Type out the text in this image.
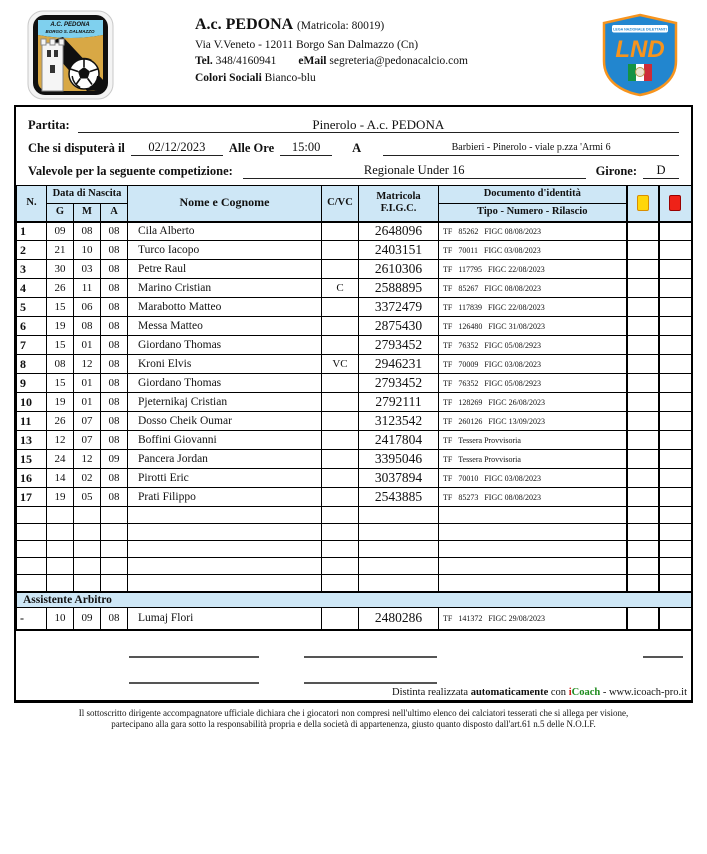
A.C. PEDONA
BORGO S. DALMAZZO	A.c. PEDONA (Matricola: 80019)
Via V.Veneto - 12011 Borgo San Dalmazzo (Cn)
Tel. 348/4160941 eMail segreteria@pedonacalcio.com
Colori Sociali Bianco-blu
LEGA NAZIONALE DILETTANTI
LND
Partita:	Pinerolo - A.c. PEDONA
Che si disputerà il	02/12/2023	Alle Ore	15:00	A	Barbieri - Pinerolo - viale p.zza 'Armi 6
Valevole per la seguente competizione:	Regionale Under 16	Girone:	D
N.	Data di Nascita			Nome e Cognome	C/VC	Matricola
F.I.G.C.	Documento d'identità		
	G	M	A				Tipo - Numero - Rilascio		
1	09	08	08	Cila Alberto		2648096	TF   85262   FIGC 08/08/2023		
2	21	10	08	Turco Iacopo		2403151	TF   70011   FIGC 03/08/2023		
3	30	03	08	Petre Raul		2610306	TF   117795   FIGC 22/08/2023		
4	26	11	08	Marino Cristian	C	2588895	TF   85267   FIGC 08/08/2023		
5	15	06	08	Marabotto Matteo		3372479	TF   117839   FIGC 22/08/2023		
6	19	08	08	Messa Matteo		2875430	TF   126480   FIGC 31/08/2023		
7	15	01	08	Giordano Thomas		2793452	TF   76352   FIGC 05/08/2923		
8	08	12	08	Kroni Elvis	VC	2946231	TF   70009   FIGC 03/08/2023		
9	15	01	08	Giordano Thomas		2793452	TF   76352   FIGC 05/08/2923		
10	19	01	08	Pjeternikaj Cristian		2792111	TF   128269   FIGC 26/08/2023		
11	26	07	08	Dosso Cheik Oumar		3123542	TF   260126   FIGC 13/09/2023		
13	12	07	08	Boffini Giovanni		2417804	TF   Tessera Provvisoria		
15	24	12	09	Pancera Jordan		3395046	TF   Tessera Provvisoria		
16	14	02	08	Pirotti Eric		3037894	TF   70010   FIGC 03/08/2023		
17	19	05	08	Prati Filippo		2543885	TF   85273   FIGC 08/08/2023		

Assistente Arbitro									
-	10	09	08	Lumaj Flori		2480286	TF   141372   FIGC 29/08/2023		
Distinta realizzata automaticamente con iCoach - www.icoach-pro.it

Il sottoscritto dirigente accompagnatore ufficiale dichiara che i giocatori non compresi nell'ultimo elenco dei calciatori tesserati che si allega per visione,
partecipano alla gara sotto la responsabilità propria e della società di appartenenza, giusto quanto disposto dall'art.61 n.5 delle N.O.I.F.
